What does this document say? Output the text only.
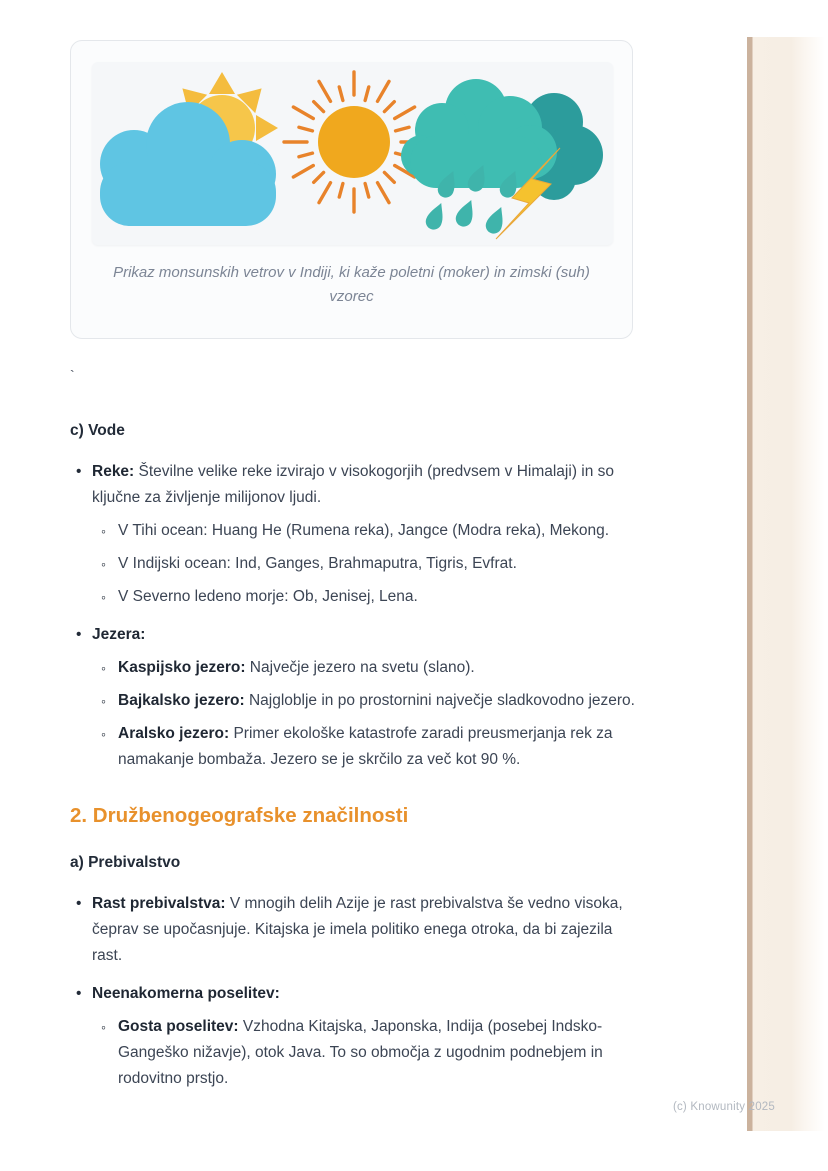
Prikaz monsunskih vetrov v Indiji, ki kaže poletni (moker) in zimski (suh) vzorec
`
c) Vode
• Reke: Številne velike reke izvirajo v visokogorjih (predvsem v Himalaji) in so ključne za življenje milijonov ljudi.
◦ V Tihi ocean: Huang He (Rumena reka), Jangce (Modra reka), Mekong.
◦ V Indijski ocean: Ind, Ganges, Brahmaputra, Tigris, Evfrat.
◦ V Severno ledeno morje: Ob, Jenisej, Lena.
• Jezera:
◦ Kaspijsko jezero: Največje jezero na svetu (slano).
◦ Bajkalsko jezero: Najgloblje in po prostornini največje sladkovodno jezero.
◦ Aralsko jezero: Primer ekološke katastrofe zaradi preusmerjanja rek za namakanje bombaža. Jezero se je skrčilo za več kot 90 %.
2. Družbenogeografske značilnosti
a) Prebivalstvo
• Rast prebivalstva: V mnogih delih Azije je rast prebivalstva še vedno visoka, čeprav se upočasnjuje. Kitajska je imela politiko enega otroka, da bi zajezila rast.
• Neenakomerna poselitev:
◦ Gosta poselitev: Vzhodna Kitajska, Japonska, Indija (posebej Indsko-Gangeško nižavje), otok Java. To so območja z ugodnim podnebjem in rodovitno prstjo.
(c) Knowunity 2025
